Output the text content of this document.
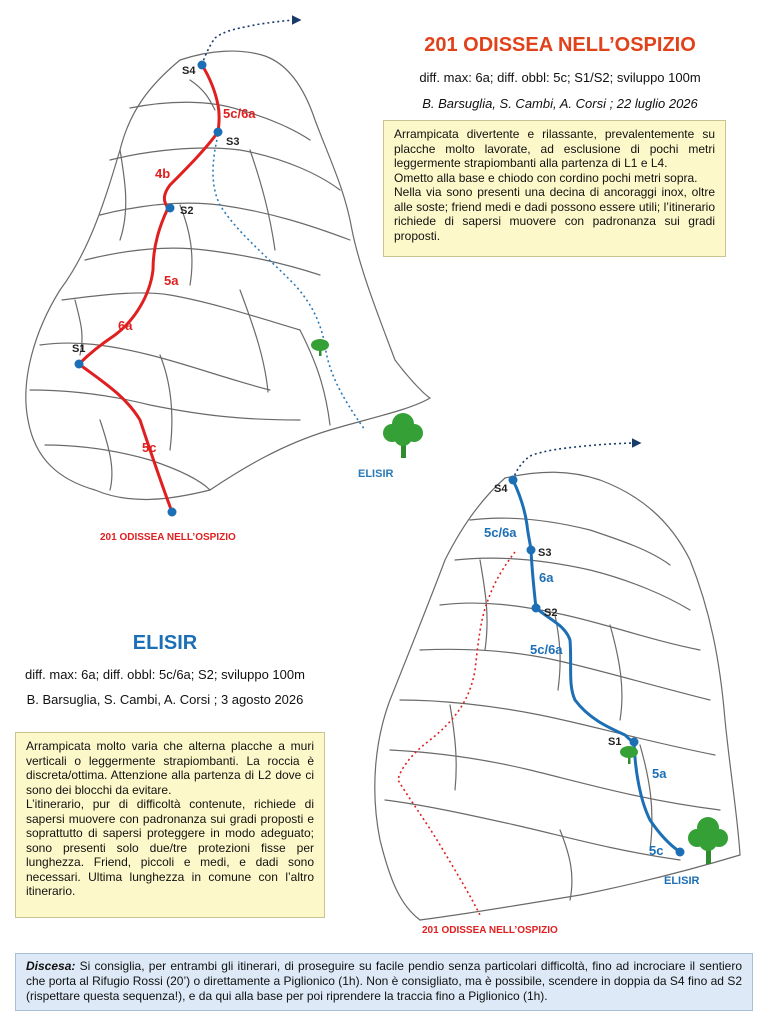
S4
S3
S2
S1
5c/6a
4b
5a
6a
5c
ELISIR
201 ODISSEA NELL’OSPIZIO
S4
S3
S2
S1
5c/6a
6a
5c/6a
5a
5c
ELISIR
201 ODISSEA NELL’OSPIZIO
201 ODISSEA NELL’OSPIZIO
diff. max: 6a; diff. obbl: 5c; S1/S2; sviluppo 100m
B. Barsuglia, S. Cambi, A. Corsi ; 22 luglio 2026

Arrampicata divertente e rilassante, prevalentemente su placche molto lavorate, ad esclusione di pochi metri leggermente strapiombanti alla partenza di L1 e L4.

Ometto alla base e chiodo con cordino pochi metri sopra.

Nella via sono presenti una decina di ancoraggi inox, oltre alle soste; friend medi e dadi possono essere utili; l’itinerario richiede di sapersi muovere con padronanza sui gradi proposti.

ELISIR
diff. max: 6a; diff. obbl: 5c/6a; S2; sviluppo 100m
B. Barsuglia, S. Cambi, A. Corsi ; 3 agosto 2026

Arrampicata molto varia che alterna placche a muri verticali o leggermente strapiombanti. La roccia è discreta/ottima. Attenzione alla partenza di L2 dove ci sono dei blocchi da evitare.

L’itinerario, pur di difficoltà contenute, richiede di sapersi muovere con padronanza sui gradi proposti e soprattutto di sapersi proteggere in modo adeguato; sono presenti solo due/tre protezioni fisse per lunghezza. Friend, piccoli e medi, e dadi sono necessari. Ultima lunghezza in comune con l’altro itinerario.

Discesa: Si consiglia, per entrambi gli itinerari, di proseguire su facile pendio senza particolari difficoltà, fino ad incrociare il sentiero che porta al Rifugio Rossi (20’) o direttamente a Piglionico (1h). Non è consigliato, ma è possibile, scendere in doppia da S4 fino ad S2 (rispettare questa sequenza!), e da qui alla base per poi riprendere la traccia fino a Piglionico (1h).
